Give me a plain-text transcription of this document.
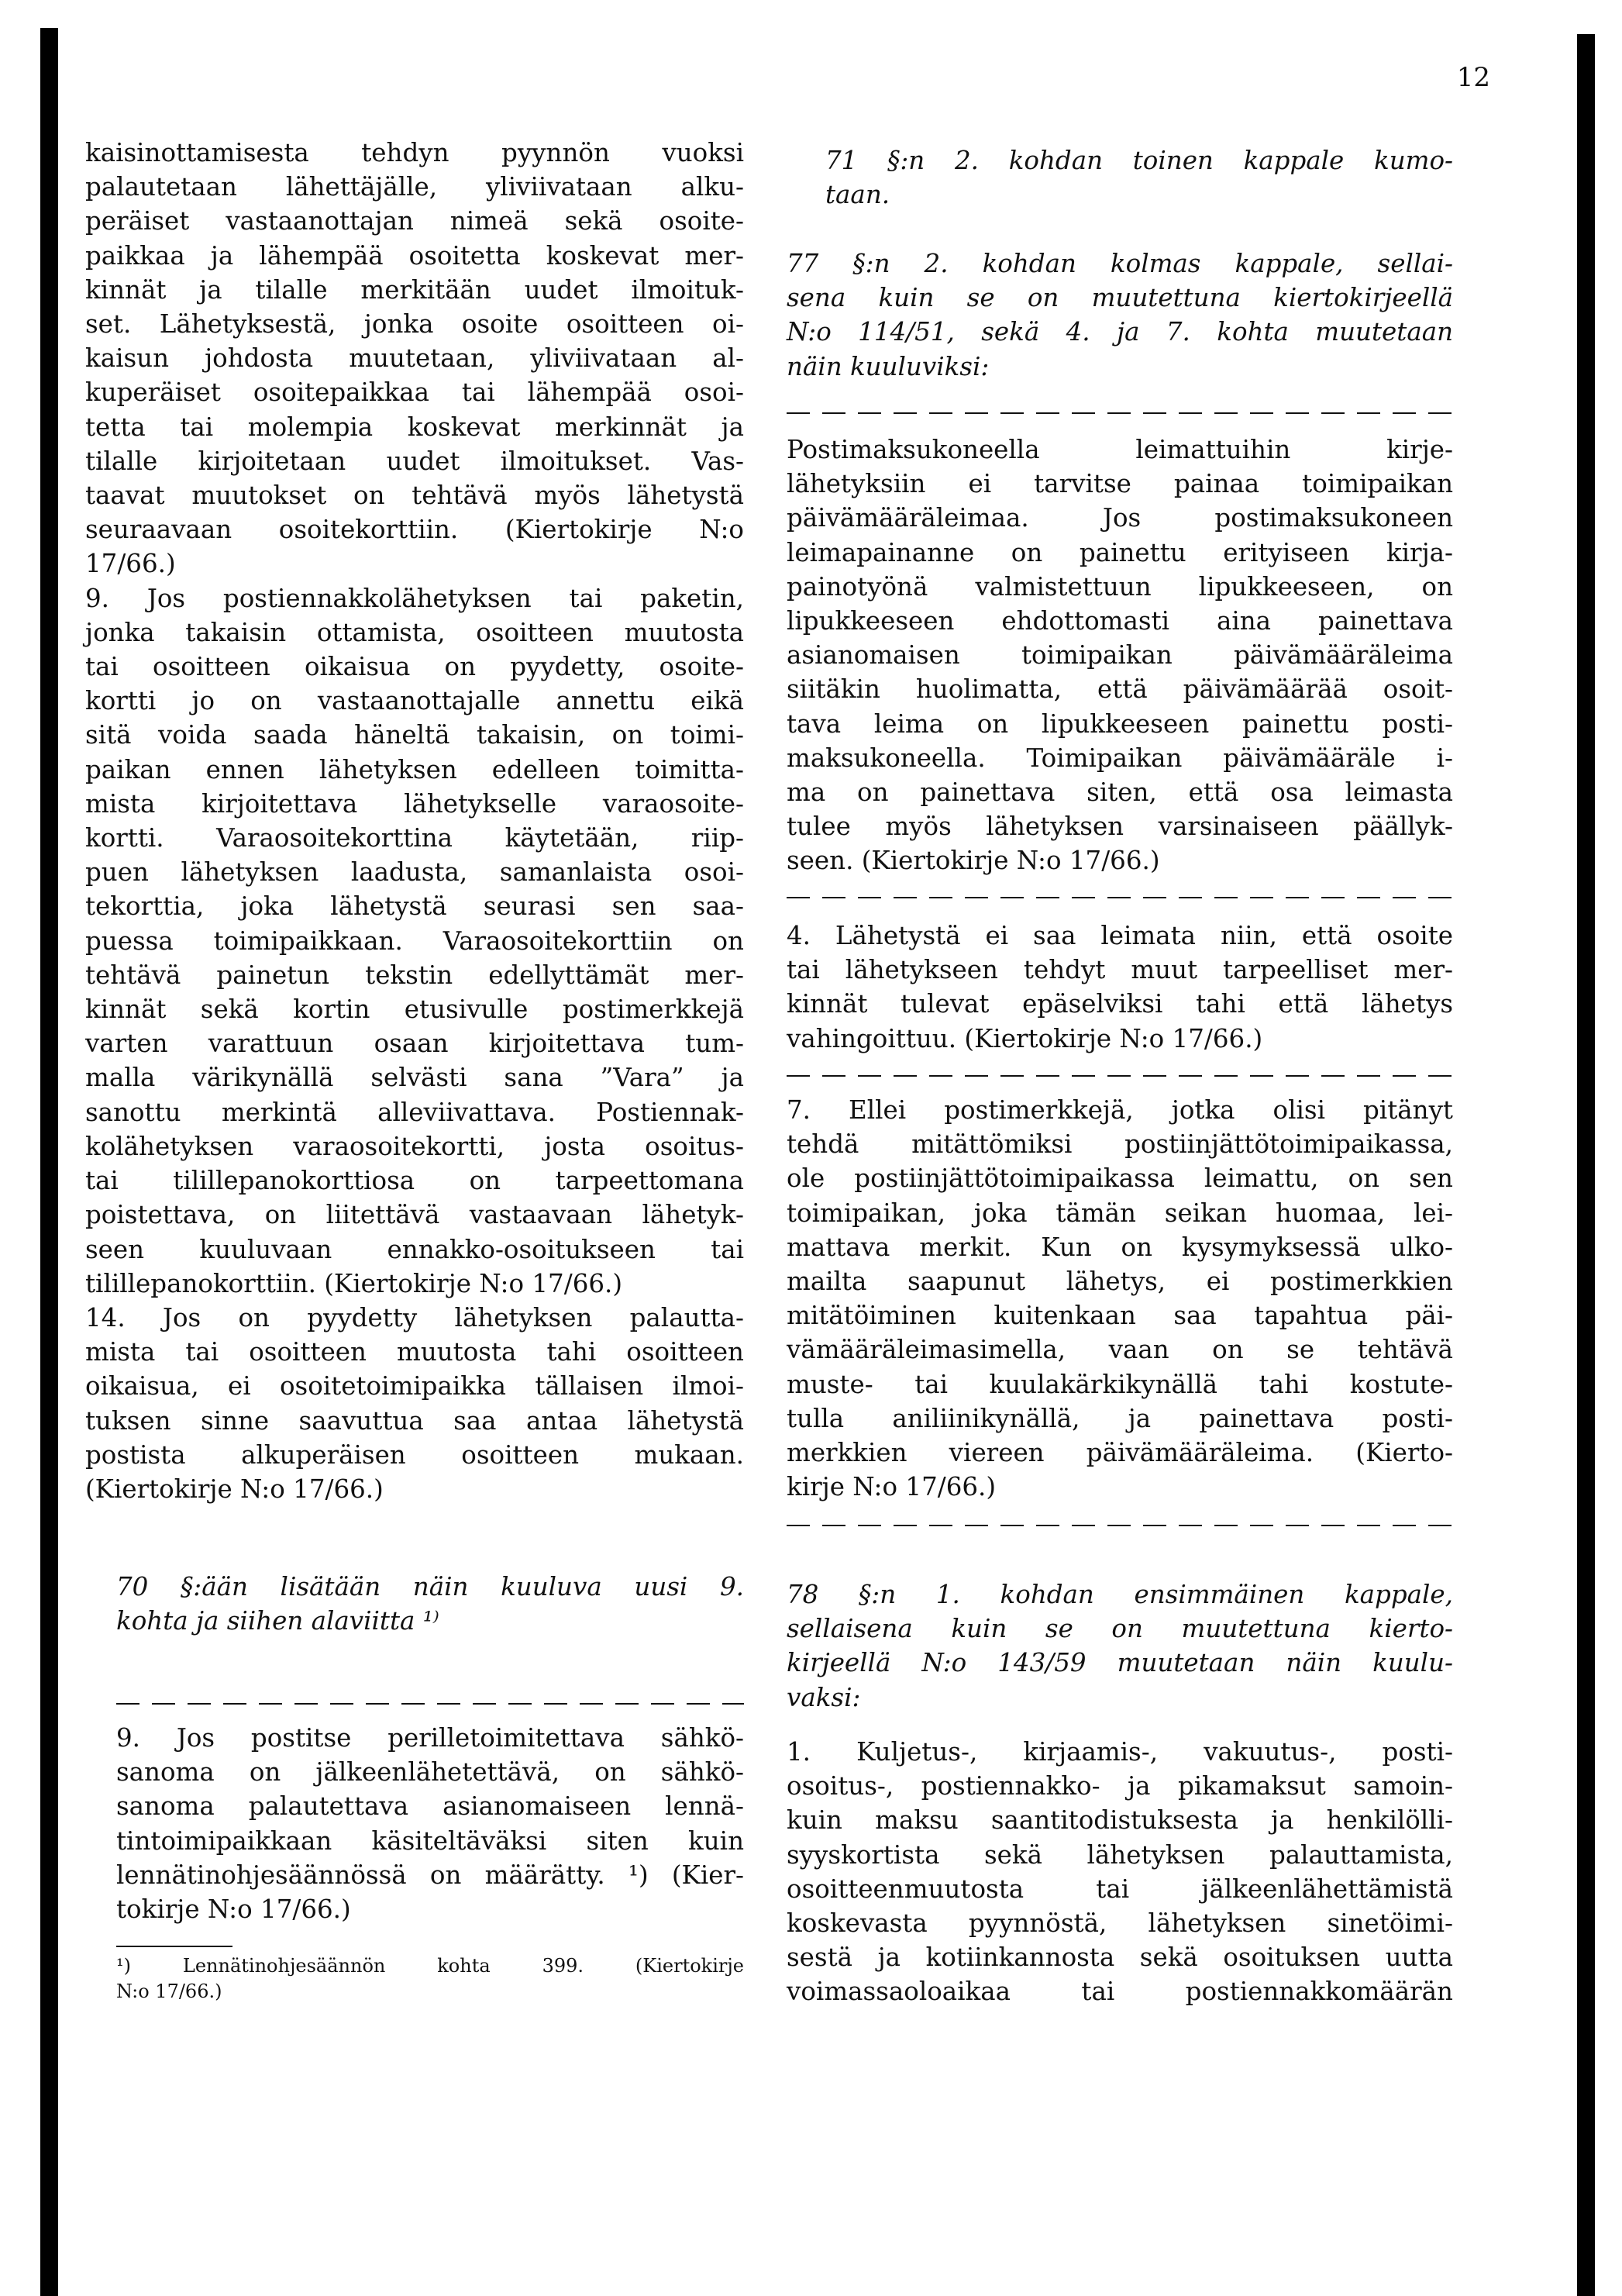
12
kaisinottamisesta tehdyn pyynnön vuoksi
palautetaan lähettäjälle, yliviivataan alku-
peräiset vastaanottajan nimeä sekä osoite-
paikkaa ja lähempää osoitetta koskevat mer-
kinnät ja tilalle merkitään uudet ilmoituk-
set. Lähetyksestä, jonka osoite osoitteen oi-
kaisun johdosta muutetaan, yliviivataan al-
kuperäiset osoitepaikkaa tai lähempää osoi-
tetta tai molempia koskevat merkinnät ja
tilalle kirjoitetaan uudet ilmoitukset. Vas-
taavat muutokset on tehtävä myös lähetystä
seuraavaan osoitekorttiin. (Kiertokirje N:o
17/66.)
9. Jos postiennakkolähetyksen tai paketin,
jonka takaisin ottamista, osoitteen muutosta
tai osoitteen oikaisua on pyydetty, osoite-
kortti jo on vastaanottajalle annettu eikä
sitä voida saada häneltä takaisin, on toimi-
paikan ennen lähetyksen edelleen toimitta-
mista kirjoitettava lähetykselle varaosoite-
kortti. Varaosoitekorttina käytetään, riip-
puen lähetyksen laadusta, samanlaista osoi-
tekorttia, joka lähetystä seurasi sen saa-
puessa toimipaikkaan. Varaosoitekorttiin on
tehtävä painetun tekstin edellyttämät mer-
kinnät sekä kortin etusivulle postimerkkejä
varten varattuun osaan kirjoitettava tum-
malla värikynällä selvästi sana ”Vara” ja
sanottu merkintä alleviivattava. Postiennak-
kolähetyksen varaosoitekortti, josta osoitus-
tai tilillepanokorttiosa on tarpeettomana
poistettava, on liitettävä vastaavaan lähetyk-
seen kuuluvaan ennakko-osoitukseen tai
tilillepanokorttiin. (Kiertokirje N:o 17/66.)
14. Jos on pyydetty lähetyksen palautta-
mista tai osoitteen muutosta tahi osoitteen
oikaisua, ei osoitetoimipaikka tällaisen ilmoi-
tuksen sinne saavuttua saa antaa lähetystä
postista alkuperäisen osoitteen mukaan.
(Kiertokirje N:o 17/66.)
70 §:ään lisätään näin kuuluva uusi 9.
kohta ja siihen alaviitta ¹⁾
9. Jos postitse perilletoimitettava sähkö-
sanoma on jälkeenlähetettävä, on sähkö-
sanoma palautettava asianomaiseen lennä-
tintoimipaikkaan käsiteltäväksi siten kuin
lennätinohjesäännössä on määrätty. ¹) (Kier-
tokirje N:o 17/66.)
¹) Lennätinohjesäännön kohta 399. (Kiertokirje
N:o 17/66.)
71 §:n 2. kohdan toinen kappale kumo-
taan.
77 §:n 2. kohdan kolmas kappale, sellai-
sena kuin se on muutettuna kiertokirjeellä
N:o 114/51, sekä 4. ja 7. kohta muutetaan
näin kuuluviksi:
Postimaksukoneella leimattuihin kirje-
lähetyksiin ei tarvitse painaa toimipaikan
päivämääräleimaa. Jos postimaksukoneen
leimapainanne on painettu erityiseen kirja-
painotyönä valmistettuun lipukkeeseen, on
lipukkeeseen ehdottomasti aina painettava
asianomaisen toimipaikan päivämääräleima
siitäkin huolimatta, että päivämäärää osoit-
tava leima on lipukkeeseen painettu posti-
maksukoneella. Toimipaikan päivämääräle i-
ma on painettava siten, että osa leimasta
tulee myös lähetyksen varsinaiseen päällyk-
seen. (Kiertokirje N:o 17/66.)
4. Lähetystä ei saa leimata niin, että osoite
tai lähetykseen tehdyt muut tarpeelliset mer-
kinnät tulevat epäselviksi tahi että lähetys
vahingoittuu. (Kiertokirje N:o 17/66.)
7. Ellei postimerkkejä, jotka olisi pitänyt
tehdä mitättömiksi postiinjättötoimipaikassa,
ole postiinjättötoimipaikassa leimattu, on sen
toimipaikan, joka tämän seikan huomaa, lei-
mattava merkit. Kun on kysymyksessä ulko-
mailta saapunut lähetys, ei postimerkkien
mitätöiminen kuitenkaan saa tapahtua päi-
vämääräleimasimella, vaan on se tehtävä
muste- tai kuulakärkikynällä tahi kostute-
tulla aniliinikynällä, ja painettava posti-
merkkien viereen päivämääräleima. (Kierto-
kirje N:o 17/66.)
78 §:n 1. kohdan ensimmäinen kappale,
sellaisena kuin se on muutettuna kierto-
kirjeellä N:o 143/59 muutetaan näin kuulu-
vaksi:
1. Kuljetus-, kirjaamis-, vakuutus-, posti-
osoitus-, postiennakko- ja pikamaksut samoin-
kuin maksu saantitodistuksesta ja henkilölli-
syyskortista sekä lähetyksen palauttamista,
osoitteenmuutosta tai jälkeenlähettämistä
koskevasta pyynnöstä, lähetyksen sinetöimi-
sestä ja kotiinkannosta sekä osoituksen uutta
voimassaoloaikaa tai postiennakkomäärän
